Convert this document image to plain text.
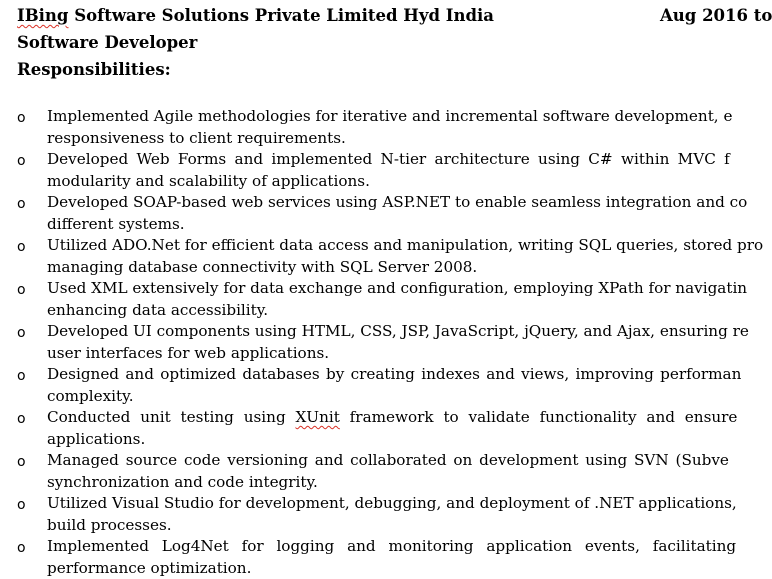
IBing Software Solutions Private Limited Hyd India	Aug 2016 to
Software Developer
Responsibilities:
o Implemented Agile methodologies for iterative and incremental software development, e
responsiveness to client requirements.
o Developed Web Forms and implemented N-tier architecture using C# within MVC f
modularity and scalability of applications.
o Developed SOAP-based web services using ASP.NET to enable seamless integration and co
different systems.
o Utilized ADO.Net for efficient data access and manipulation, writing SQL queries, stored pro
managing database connectivity with SQL Server 2008.
o Used XML extensively for data exchange and configuration, employing XPath for navigatin
enhancing data accessibility.
o Developed UI components using HTML, CSS, JSP, JavaScript, jQuery, and Ajax, ensuring re
user interfaces for web applications.
o Designed and optimized databases by creating indexes and views, improving performan
complexity.
o Conducted unit testing using XUnit framework to validate functionality and ensure
applications.
o Managed source code versioning and collaborated on development using SVN (Subve
synchronization and code integrity.
o Utilized Visual Studio for development, debugging, and deployment of .NET applications,
build processes.
o Implemented Log4Net for logging and monitoring application events, facilitating
performance optimization.
